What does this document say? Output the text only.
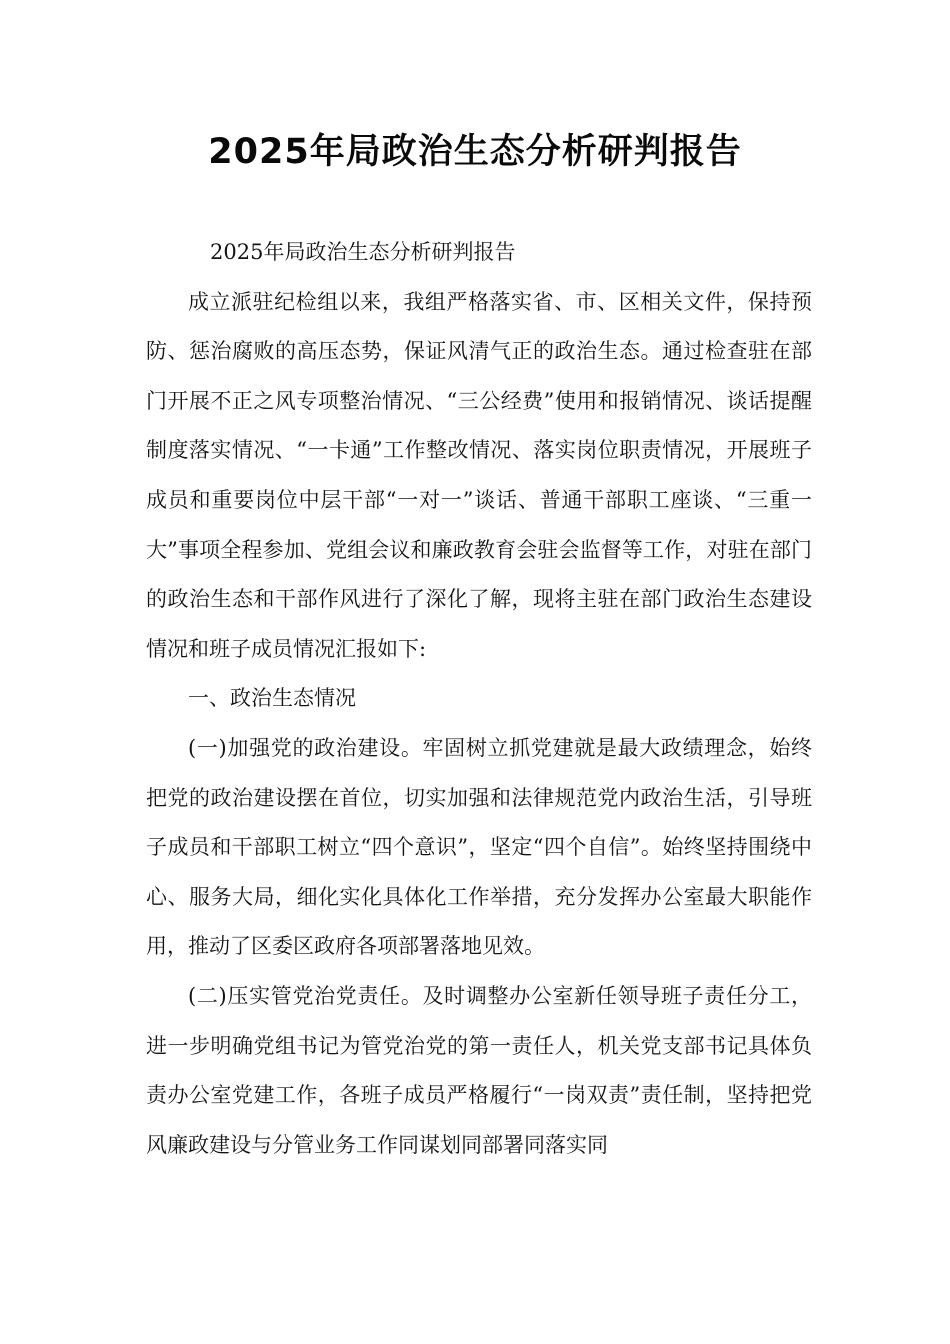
2025年局政治生态分析研判报告

2025年局政治生态分析研判报告

成立派驻纪检组以来，我组严格落实省、市、区相关文件，保持预防、惩治腐败的高压态势，保证风清气正的政治生态。通过检查驻在部门开展不正之风专项整治情况、“三公经费”使用和报销情况、谈话提醒制度落实情况、“一卡通”工作整改情况、落实岗位职责情况，开展班子成员和重要岗位中层干部“一对一”谈话、普通干部职工座谈、“三重一大”事项全程参加、党组会议和廉政教育会驻会监督等工作，对驻在部门的政治生态和干部作风进行了深化了解，现将主驻在部门政治生态建设情况和班子成员情况汇报如下:

一、政治生态情况

(一)加强党的政治建设。牢固树立抓党建就是最大政绩理念，始终把党的政治建设摆在首位，切实加强和法律规范党内政治生活，引导班子成员和干部职工树立“四个意识”，坚定“四个自信”。始终坚持围绕中心、服务大局，细化实化具体化工作举措，充分发挥办公室最大职能作用，推动了区委区政府各项部署落地见效。

(二)压实管党治党责任。及时调整办公室新任领导班子责任分工，进一步明确党组书记为管党治党的第一责任人，机关党支部书记具体负责办公室党建工作，各班子成员严格履行“一岗双责”责任制，坚持把党风廉政建设与分管业务工作同谋划同部署同落实同
